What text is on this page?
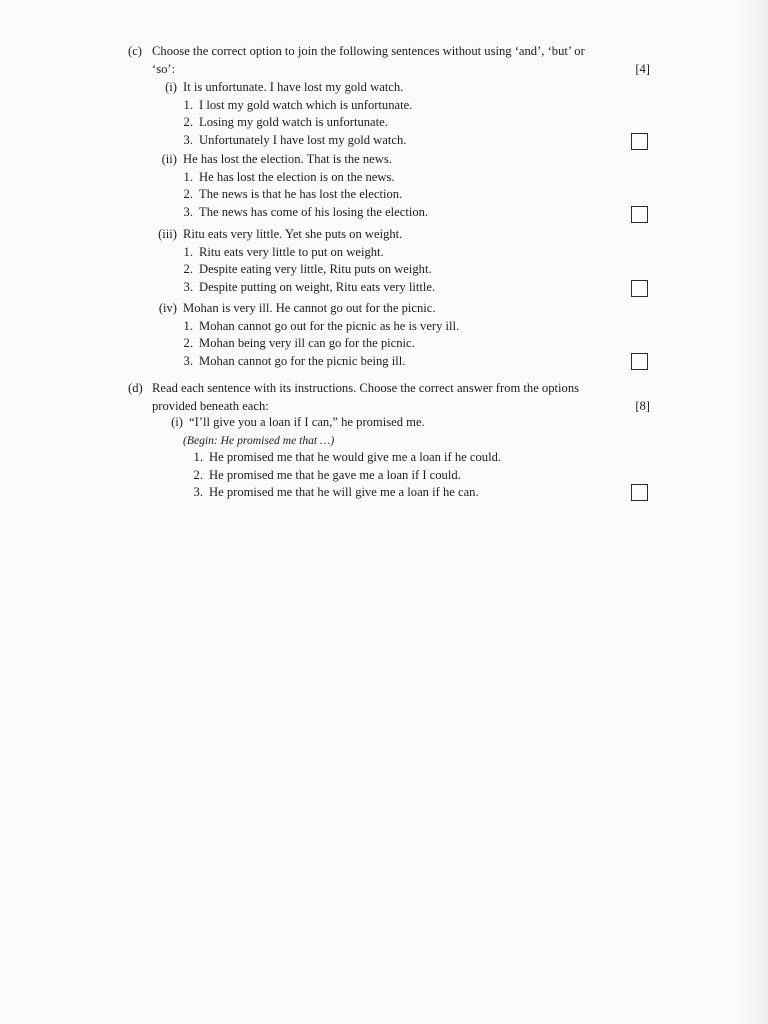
(c) Choose the correct option to join the following sentences without using ‘and’, ‘but’ or
‘so’:	[4]
(i) It is unfortunate. I have lost my gold watch.
1. I lost my gold watch which is unfortunate.
2. Losing my gold watch is unfortunate.
3. Unfortunately I have lost my gold watch.
(ii) He has lost the election. That is the news.
1. He has lost the election is on the news.
2. The news is that he has lost the election.
3. The news has come of his losing the election.
(iii) Ritu eats very little. Yet she puts on weight.
1. Ritu eats very little to put on weight.
2. Despite eating very little, Ritu puts on weight.
3. Despite putting on weight, Ritu eats very little.
(iv) Mohan is very ill. He cannot go out for the picnic.
1. Mohan cannot go out for the picnic as he is very ill.
2. Mohan being very ill can go for the picnic.
3. Mohan cannot go for the picnic being ill.
(d) Read each sentence with its instructions. Choose the correct answer from the options
provided beneath each:	[8]
(i) “I’ll give you a loan if I can,” he promised me.
(Begin: He promised me that …)
1. He promised me that he would give me a loan if he could.
2. He promised me that he gave me a loan if I could.
3. He promised me that he will give me a loan if he can.
